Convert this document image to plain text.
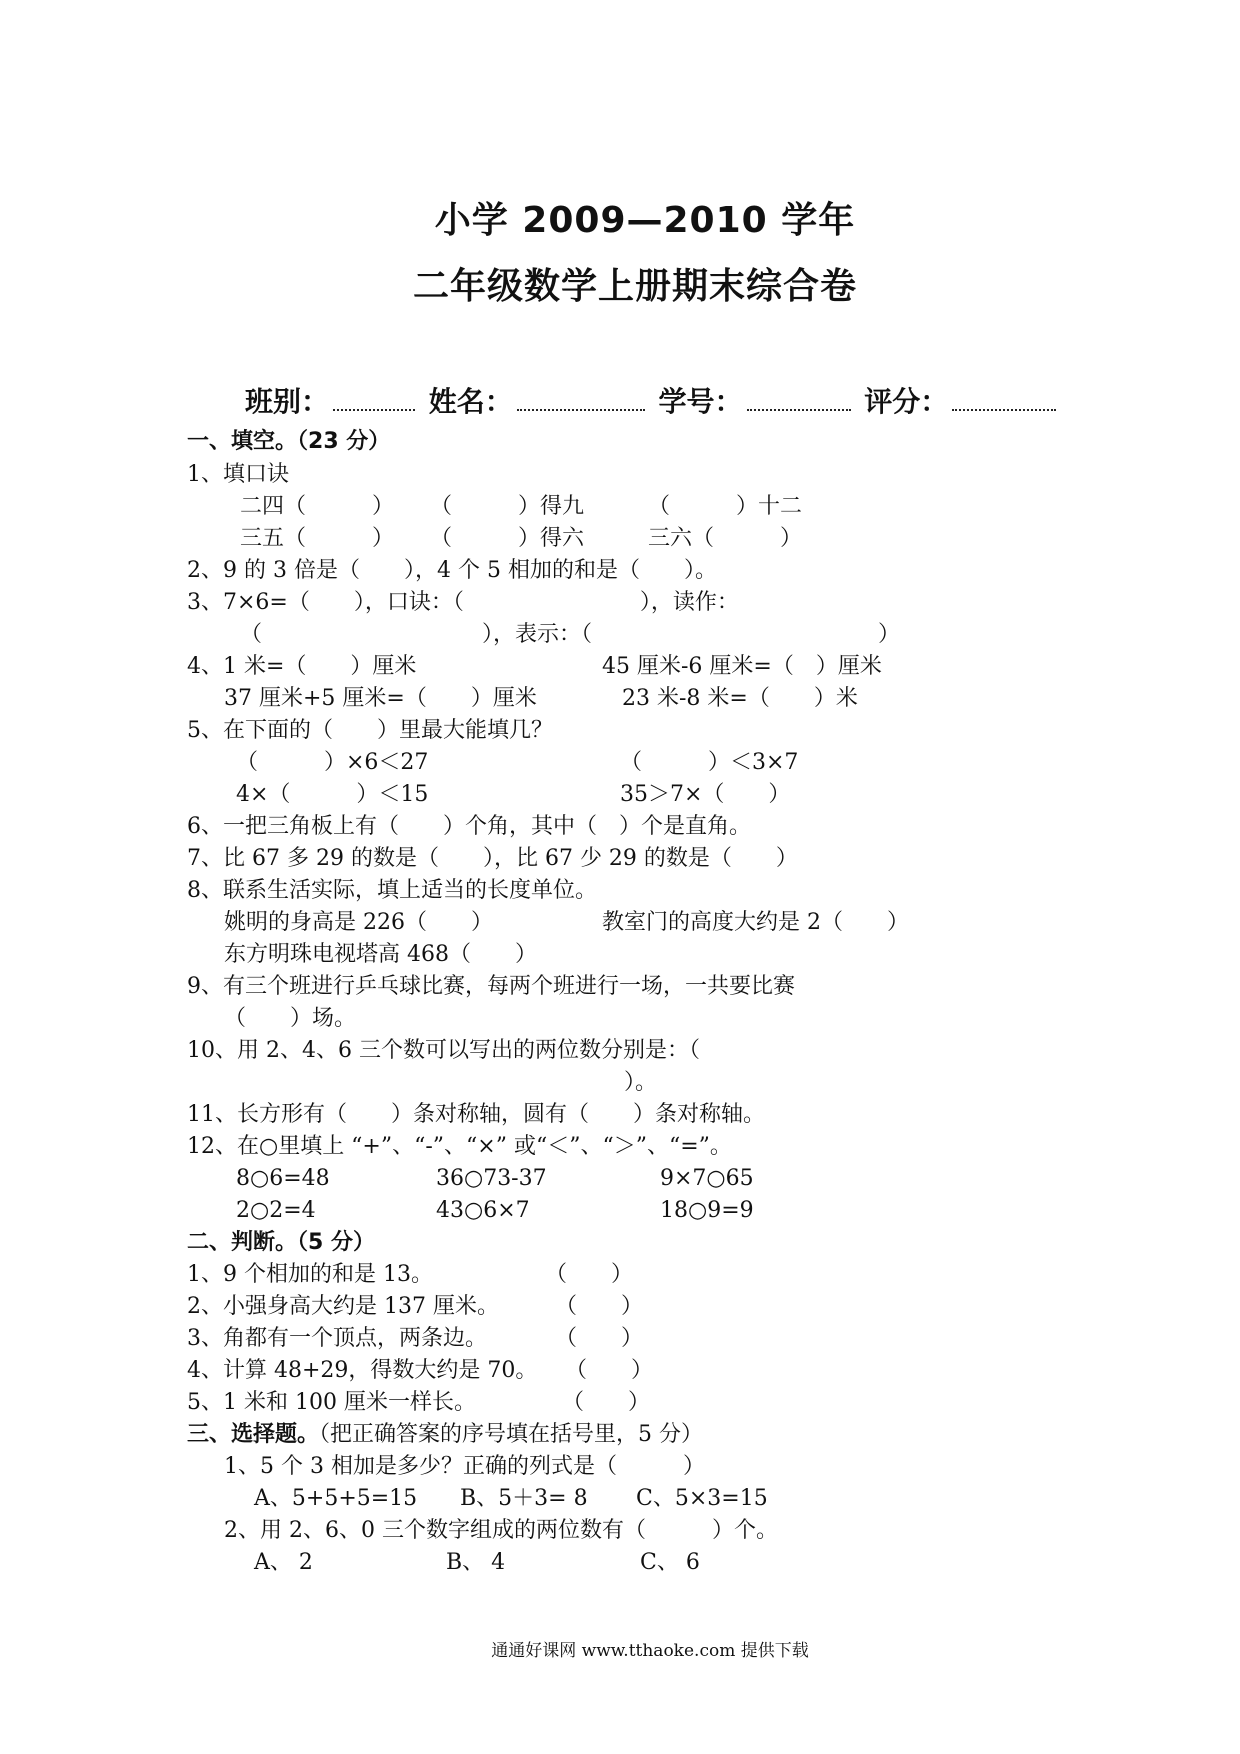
小学 2009—2010 学年
二年级数学上册期末综合卷
班别：	姓名：	学号：	评分：
一、填空。（23 分）
1、填口诀
二四（　　　） （　　　）得九	（　　　）十二
三五（　　　） （　　　）得六	三六（　　　）
2、9 的 3 倍是（　　），4 个 5 相加的和是（　　）。
3、7×6=（　　），口诀：（　　　　　　　　），读作：
（　　　　　　　　　　），表示：（　　　　　　　　　　　　　）
4、1 米=（　　）厘米	45 厘米-6 厘米=（　）厘米
37 厘米+5 厘米=（　　）厘米	23 米-8 米=（　　）米
5、在下面的（　　）里最大能填几？
（　　　）×6＜27	（　　　）＜3×7
4×（　　　）＜15	35＞7×（　　）
6、一把三角板上有（　　）个角，其中（　）个是直角。
7、比 67 多 29 的数是（　　），比 67 少 29 的数是（　　）
8、联系生活实际，填上适当的长度单位。
姚明的身高是 226（　　）	教室门的高度大约是 2（　　）
东方明珠电视塔高 468（　　）
9、有三个班进行乒乓球比赛，每两个班进行一场，一共要比赛
（　　）场。
10、用 2、4、6 三个数可以写出的两位数分别是：（
）。
11、长方形有（　　）条对称轴，圆有（　　）条对称轴。
12、在○里填上 “+”、“-”、“×” 或“＜”、“＞”、“=”。
8○6=48	36○73-37	9×7○65
2○2=4	43○6×7	18○9=9
二、判断。（5 分）
1、9 个相加的和是 13。	（　　）
2、小强身高大约是 137 厘米。	（　　）
3、角都有一个顶点，两条边。	（　　）
4、计算 48+29，得数大约是 70。 （　　）
5、1 米和 100 厘米一样长。	（　　）
三、选择题。（把正确答案的序号填在括号里，5 分）
1、5 个 3 相加是多少？正确的列式是（　　　）
A、5+5+5=15 B、5＋3= 8 C、5×3=15
2、用 2、6、0 三个数字组成的两位数有（　　　）个。
A、 2	B、 4	C、 6
通通好课网 www.tthaoke.com 提供下载
